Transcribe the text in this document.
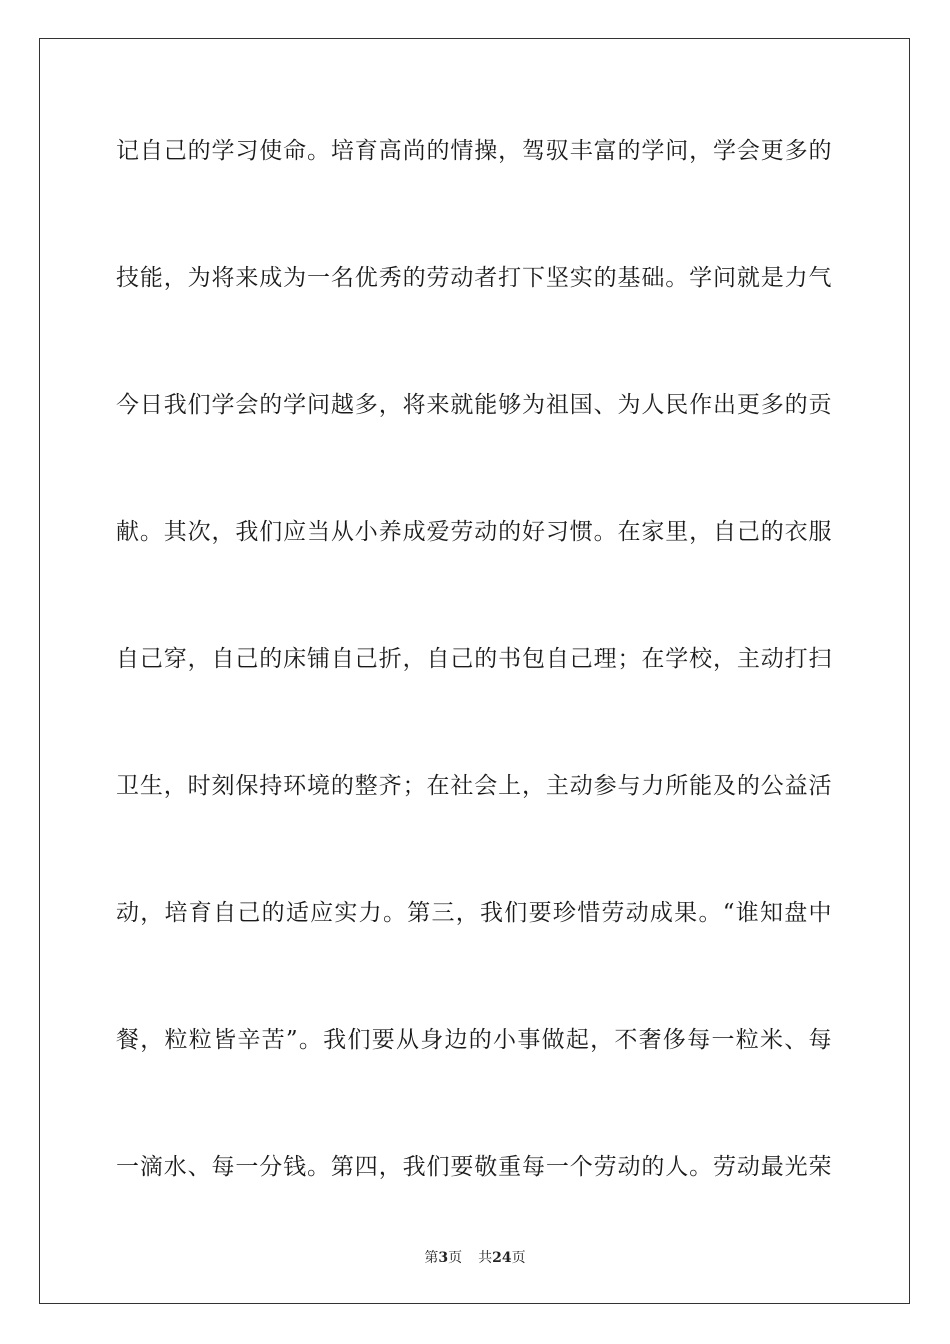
记自己的学习使命。培育高尚的情操，驾驭丰富的学问，学会更多的
技能，为将来成为一名优秀的劳动者打下坚实的基础。学问就是力气
今日我们学会的学问越多，将来就能够为祖国、为人民作出更多的贡
献。其次，我们应当从小养成爱劳动的好习惯。在家里，自己的衣服
自己穿，自己的床铺自己折，自己的书包自己理；在学校，主动打扫
卫生，时刻保持环境的整齐；在社会上，主动参与力所能及的公益活
动，培育自己的适应实力。第三，我们要珍惜劳动成果。“谁知盘中
餐，粒粒皆辛苦”。我们要从身边的小事做起，不奢侈每一粒米、每
一滴水、每一分钱。第四，我们要敬重每一个劳动的人。劳动最光荣
第3页 共24页
